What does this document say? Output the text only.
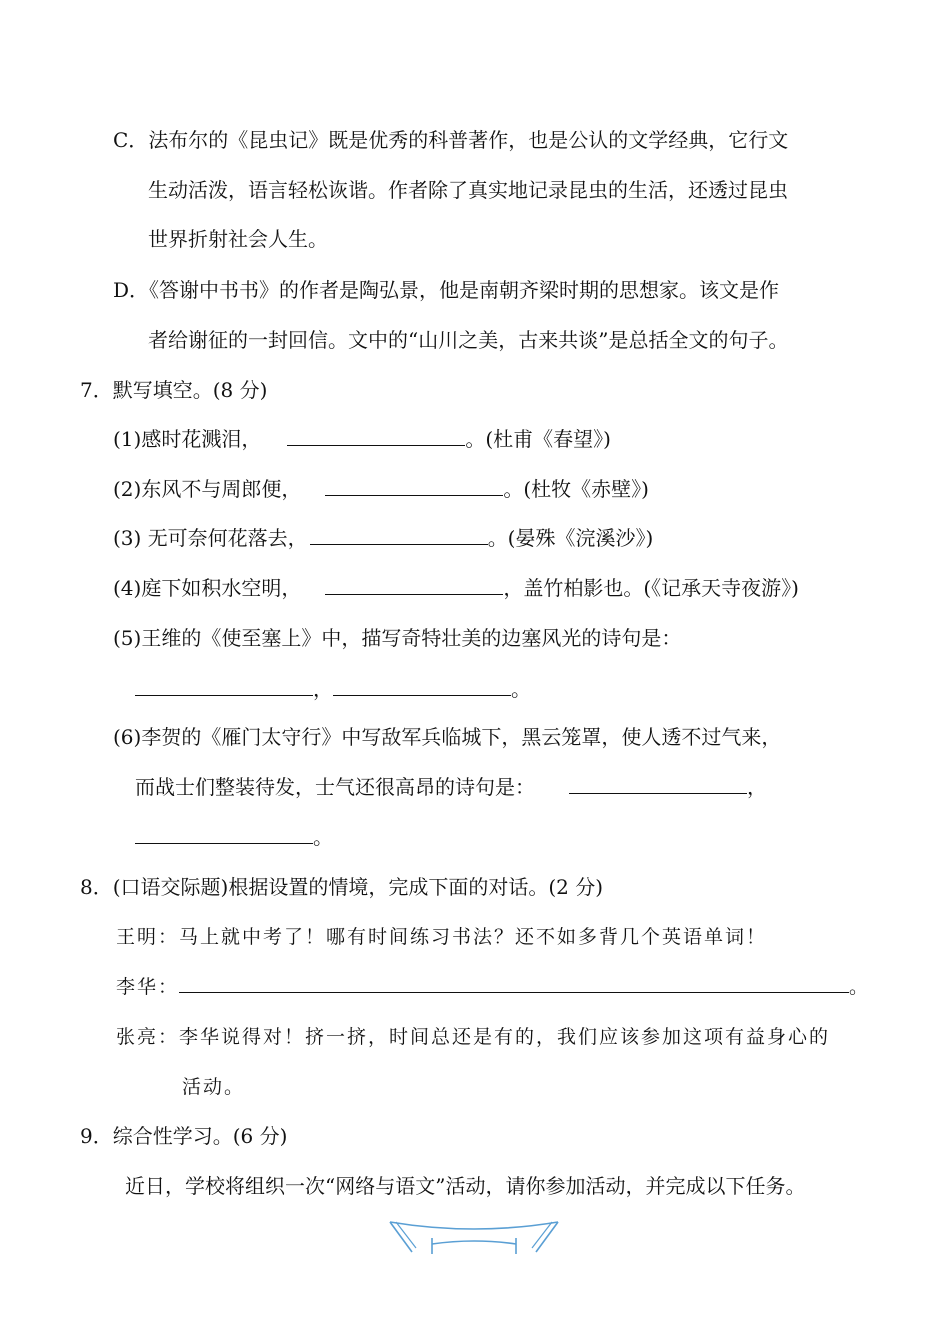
C．法布尔的《昆虫记》既是优秀的科普著作，也是公认的文学经典，它行文
生动活泼，语言轻松诙谐。作者除了真实地记录昆虫的生活，还透过昆虫
世界折射社会人生。
D．《答谢中书书》的作者是陶弘景，他是南朝齐梁时期的思想家。该文是作
者给谢征的一封回信。文中的“山川之美，古来共谈”是总括全文的句子。
7．默写填空。(8 分)
(1)感时花溅泪，	。(杜甫《春望》)
(2)东风不与周郎便，	。(杜牧《赤壁》)
(3) 无可奈何花落去，	。(晏殊《浣溪沙》)
(4)庭下如积水空明，	，盖竹柏影也。(《记承天寺夜游》)
(5)王维的《使至塞上》中，描写奇特壮美的边塞风光的诗句是：
，	。
(6)李贺的《雁门太守行》中写敌军兵临城下，黑云笼罩，使人透不过气来，
而战士们整装待发，士气还很高昂的诗句是：	，
。
8．(口语交际题)根据设置的情境，完成下面的对话。(2 分)
王明：马上就中考了！哪有时间练习书法？还不如多背几个英语单词！
李华：	。
张亮：李华说得对！挤一挤，时间总还是有的，我们应该参加这项有益身心的
活动。
9．综合性学习。(6 分)
近日，学校将组织一次“网络与语文”活动，请你参加活动，并完成以下任务。
